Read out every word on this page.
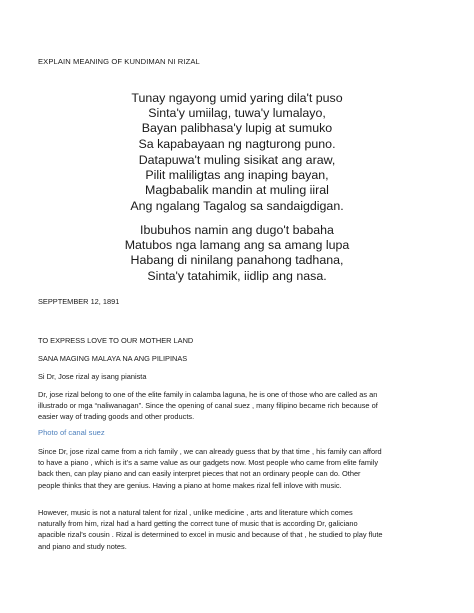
EXPLAIN MEANING OF KUNDIMAN NI RIZAL
Tunay ngayong umid yaring dila't puso
Sinta'y umiilag, tuwa'y lumalayo,
Bayan palibhasa'y lupig at sumuko
Sa kapabayaan ng nagturong puno.
Datapuwa't muling sisikat ang araw,
Pilit maliligtas ang inaping bayan,
Magbabalik mandin at muling iiral
Ang ngalang Tagalog sa sandaigdigan.
Ibubuhos namin ang dugo't babaha
Matubos nga lamang ang sa amang lupa
Habang di ninilang panahong tadhana,
Sinta'y tatahimik, iidlip ang nasa.
SEPPTEMBER 12, 1891
TO EXPRESS LOVE TO OUR MOTHER LAND
SANA MAGING MALAYA NA ANG PILIPINAS
Si Dr, Jose rizal ay isang pianista
Dr, jose rizal belong to one of the elite family in calamba laguna, he is one of those who are called as an
illustrado or mga “naliwanagan”. Since the opening of canal suez , many filipino became rich because of
easier way of trading goods and other products.
Photo of canal suez
Since Dr, jose rizal came from a rich family , we can already guess that by that time , his family can afford
to have a piano , which is it’s a same value as our gadgets now. Most people who came from elite family
back then, can play piano and can easily interpret pieces that not an ordinary people can do. Other
people thinks that they are genius. Having a piano at home makes rizal fell inlove with music.
However, music is not a natural talent for rizal , unlike medicine , arts and literature which comes
naturally from him, rizal had a hard getting the correct tune of music that is according Dr, galiciano
apacible rizal’s cousin . Rizal is determined to excel in music and because of that , he studied to play flute
and piano and study notes.
